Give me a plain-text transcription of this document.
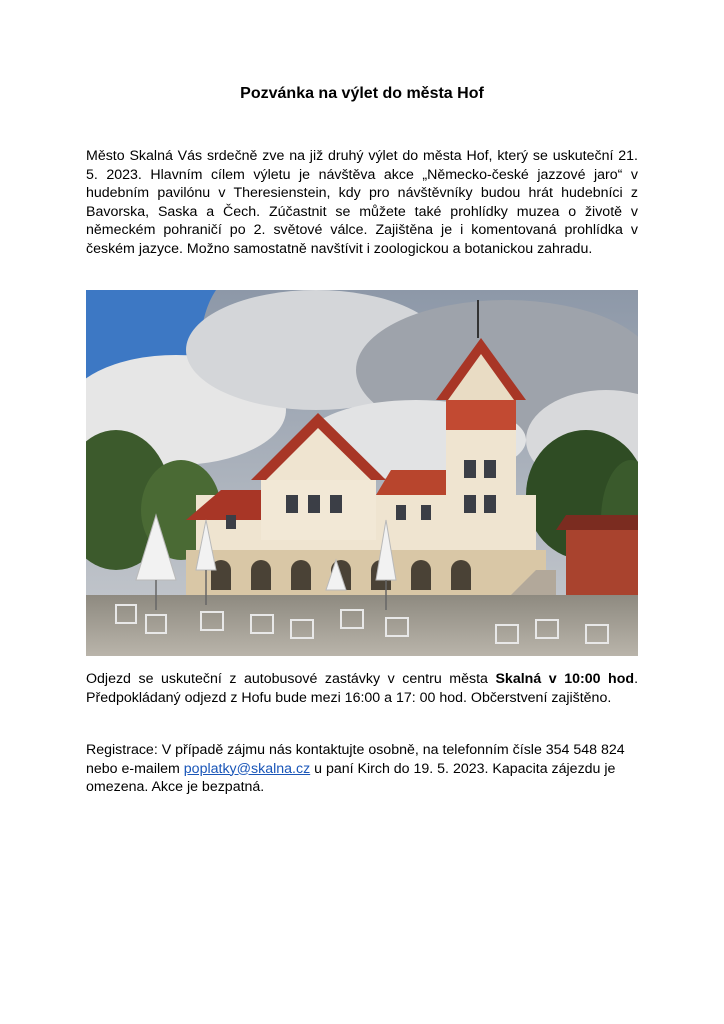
Pozvánka na výlet do města Hof

Město Skalná Vás srdečně zve na již druhý výlet do města Hof, který se uskuteční 21. 5. 2023. Hlavním cílem výletu je návštěva akce „Německo-české jazzové jaro“ v hudebním pavilónu v Theresienstein, kdy pro návštěvníky budou hrát hudebníci z Bavorska, Saska a Čech. Zúčastnit se můžete také prohlídky muzea o životě v německém pohraničí po 2. světové válce. Zajištěna je i komentovaná prohlídka v českém jazyce. Možno samostatně navštívit i zoologickou a botanickou zahradu.

Odjezd se uskuteční z autobusové zastávky v centru města Skalná v 10:00 hod. Předpokládaný odjezd z Hofu bude mezi 16:00 a 17: 00 hod. Občerstvení zajištěno.

Registrace: V případě zájmu nás kontaktujte osobně, na telefonním čísle 354 548 824 nebo e-mailem poplatky@skalna.cz u paní Kirch do 19. 5. 2023. Kapacita zájezdu je omezena. Akce je bezpatná.
